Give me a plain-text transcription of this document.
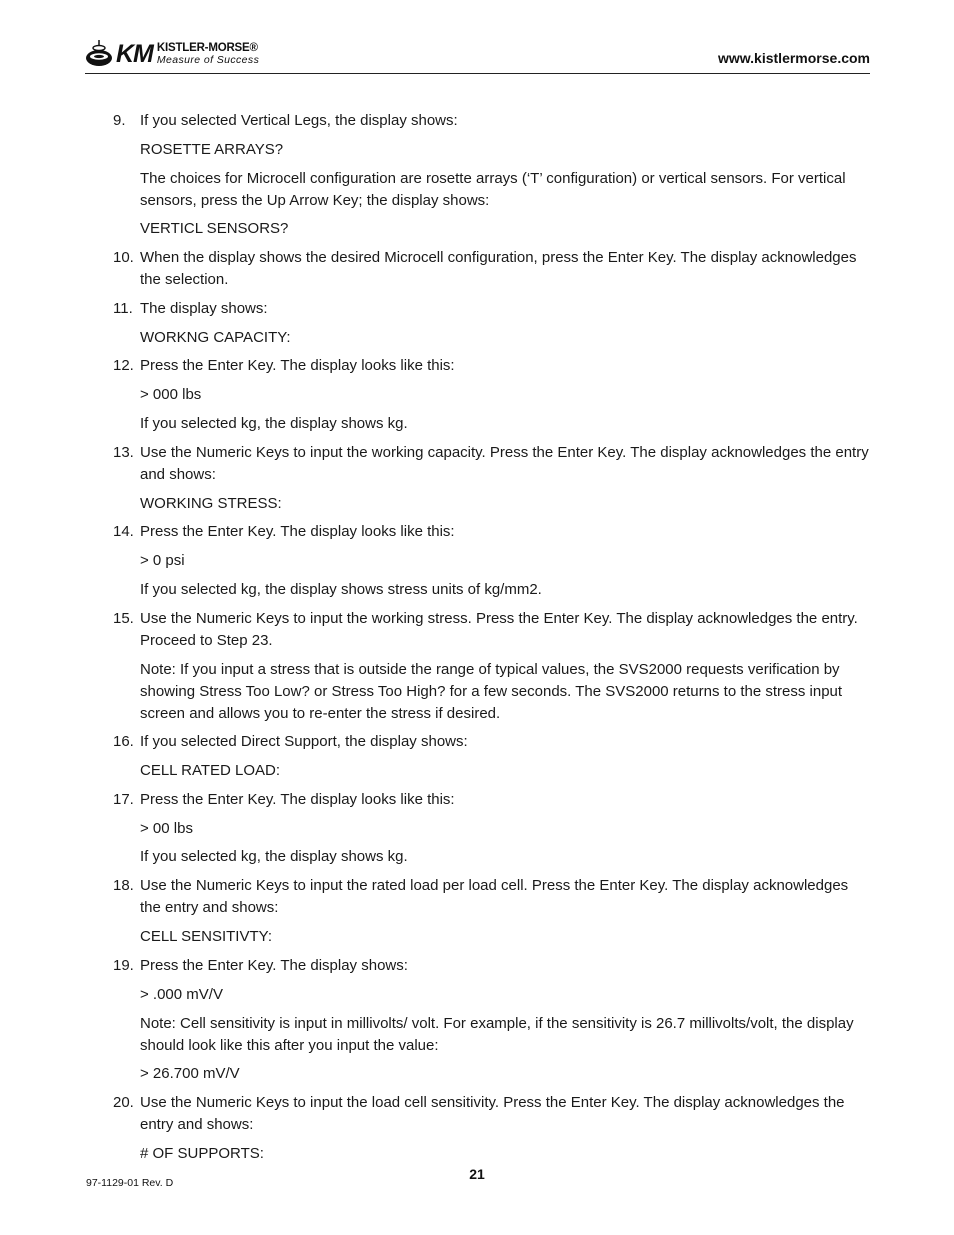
KM KISTLER-MORSE®
Measure of Success	www.kistlermorse.com
9. If you selected Vertical Legs, the display shows:
ROSETTE ARRAYS?
The choices for Microcell configuration are rosette arrays (‘T’ configuration) or vertical sensors. For vertical sensors, press the Up Arrow Key; the display shows:
VERTICL SENSORS?
10. When the display shows the desired Microcell configuration, press the Enter Key. The display acknowledges the selection.
11. The display shows:
WORKNG CAPACITY:
12. Press the Enter Key. The display looks like this:
> 000 lbs
If you selected kg, the display shows kg.
13. Use the Numeric Keys to input the working capacity. Press the Enter Key. The display acknowledges the entry and shows:
WORKING STRESS:
14. Press the Enter Key. The display looks like this:
> 0 psi
If you selected kg, the display shows stress units of kg/mm2.
15. Use the Numeric Keys to input the working stress. Press the Enter Key. The display acknowledges the entry. Proceed to Step 23.
Note: If you input a stress that is outside the range of typical values, the SVS2000 requests verification by showing Stress Too Low? or Stress Too High? for a few seconds. The SVS2000 returns to the stress input screen and allows you to re-enter the stress if desired.
16. If you selected Direct Support, the display shows:
CELL RATED LOAD:
17. Press the Enter Key. The display looks like this:
> 00 lbs
If you selected kg, the display shows kg.
18. Use the Numeric Keys to input the rated load per load cell. Press the Enter Key. The display acknowledges the entry and shows:
CELL SENSITIVTY:
19. Press the Enter Key. The display shows:
> .000 mV/V
Note: Cell sensitivity is input in millivolts/ volt. For example, if the sensitivity is 26.7 millivolts/volt, the display should look like this after you input the value:
> 26.700 mV/V
20. Use the Numeric Keys to input the load cell sensitivity. Press the Enter Key. The display acknowledges the entry and shows:
# OF SUPPORTS:
21
97-1129-01 Rev. D
